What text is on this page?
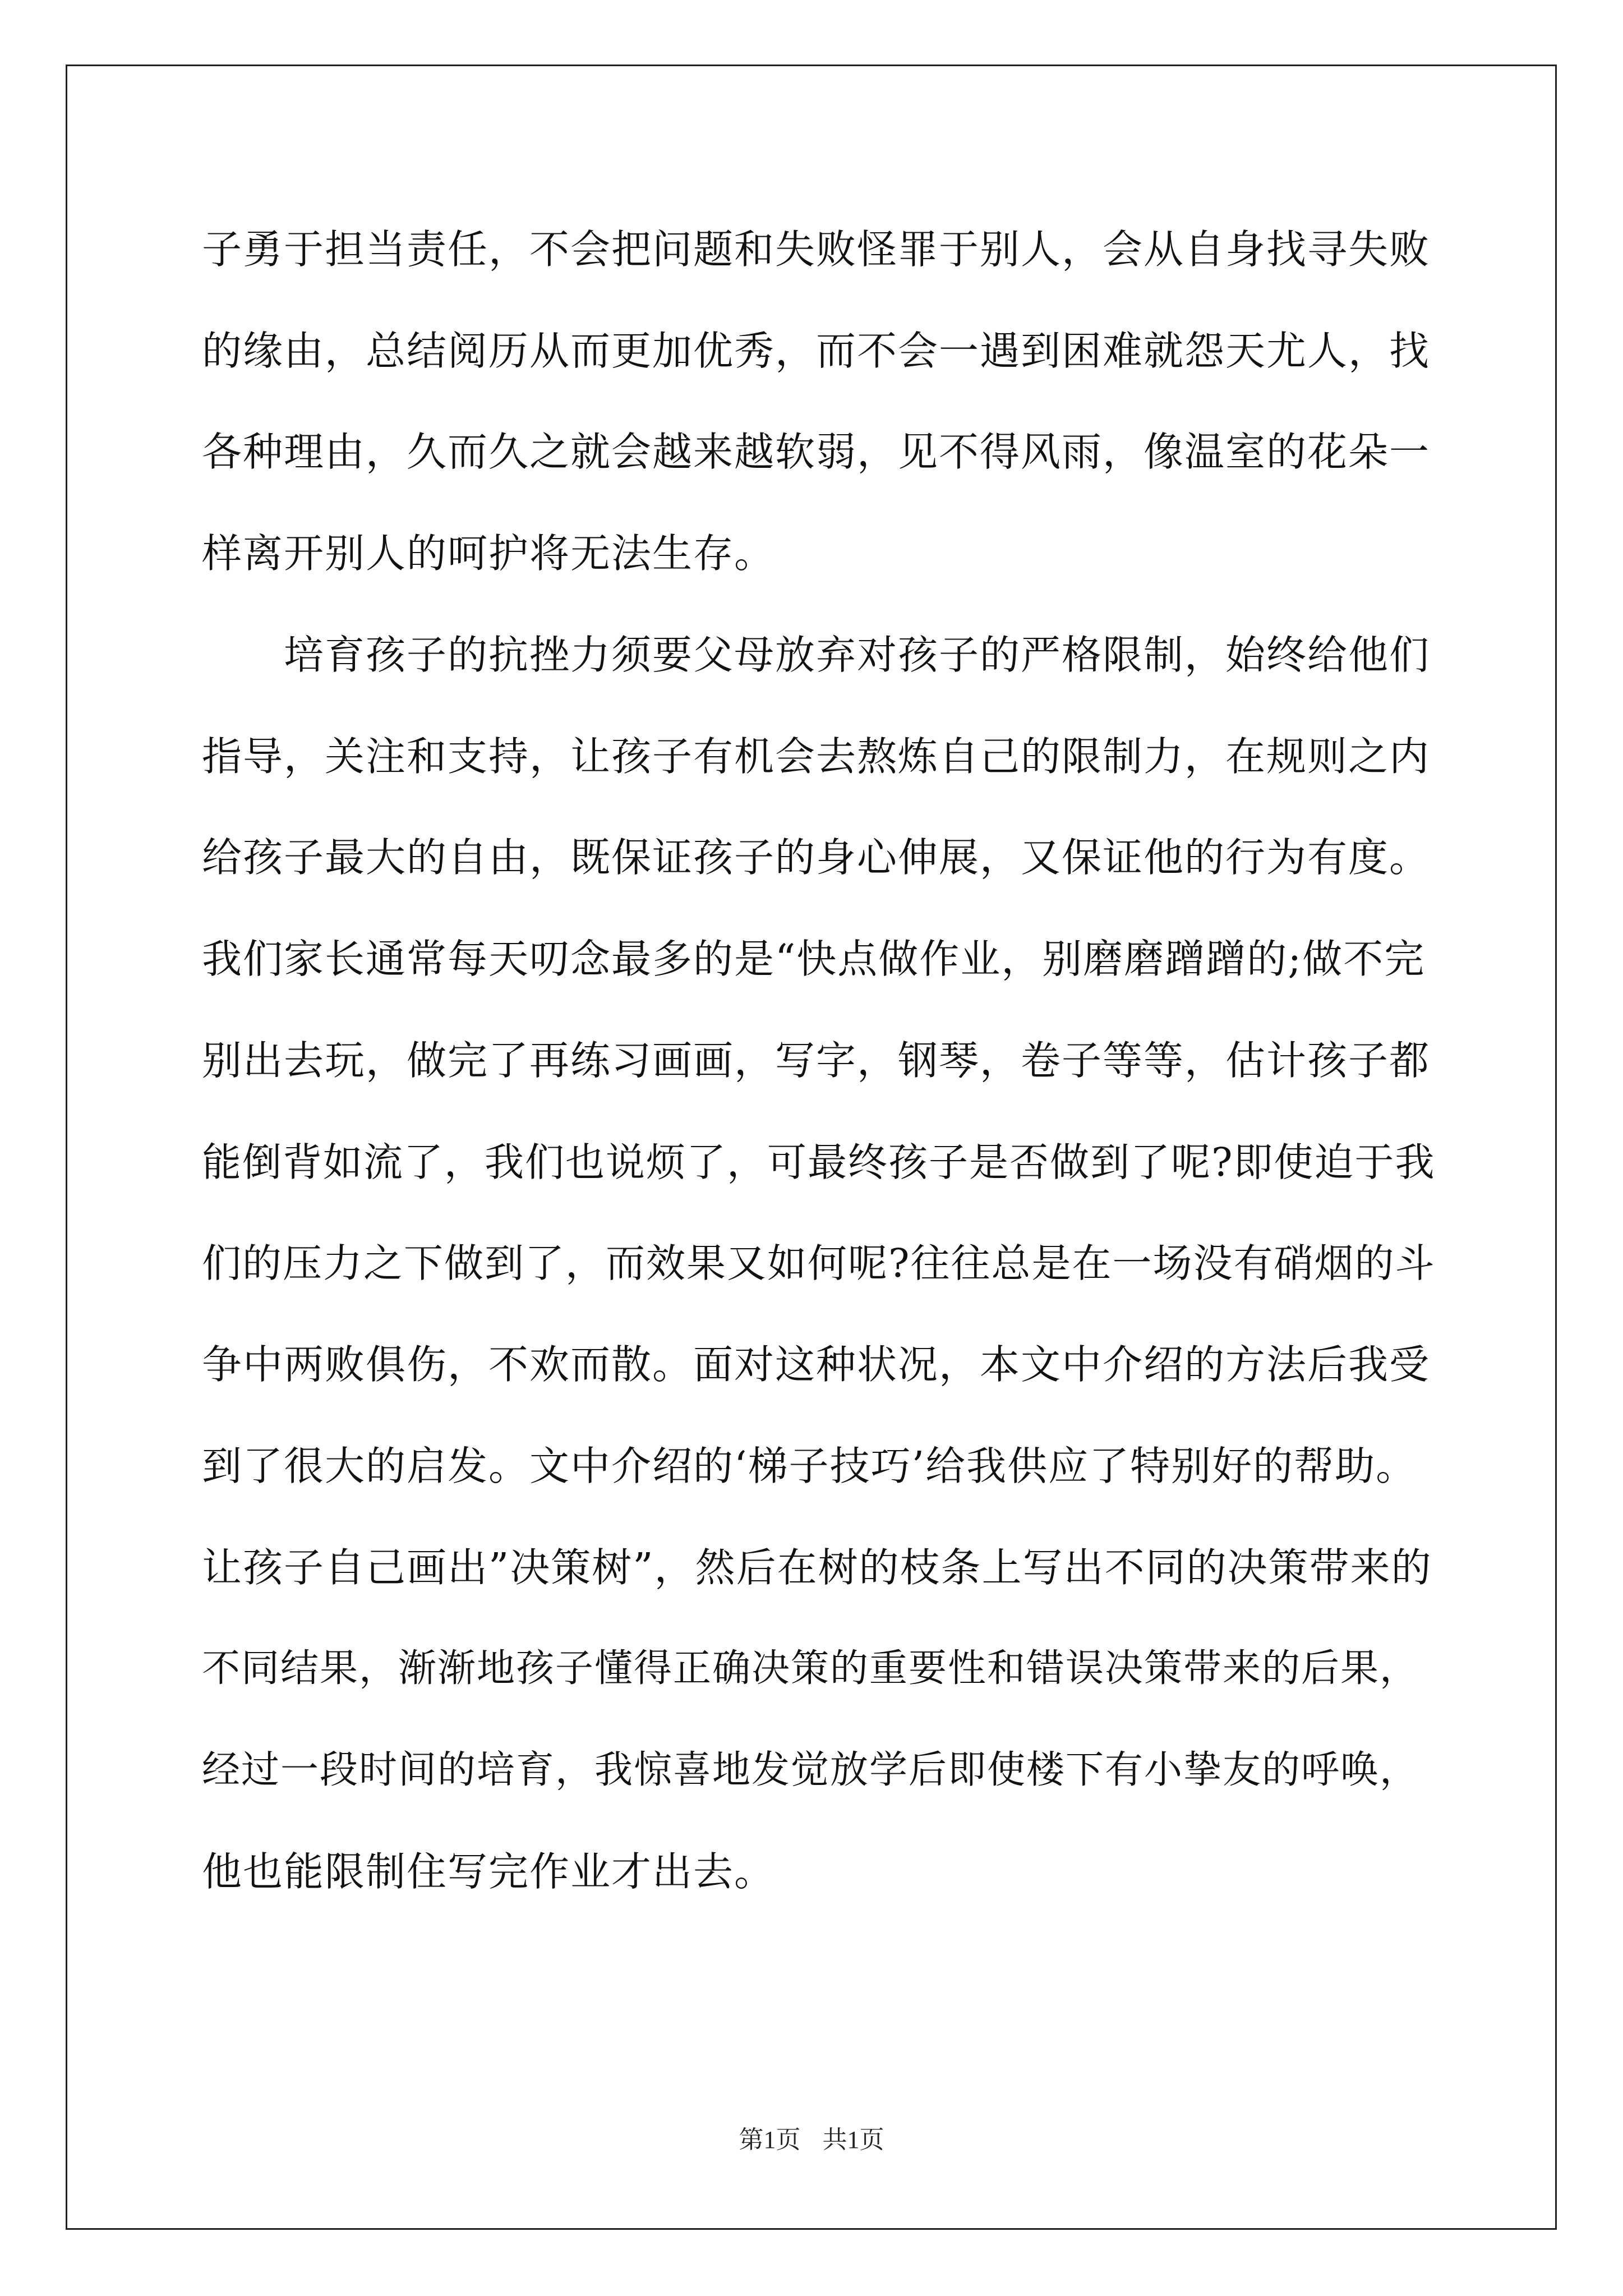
子勇于担当责任，不会把问题和失败怪罪于别人，会从自身找寻失败
的缘由，总结阅历从而更加优秀，而不会一遇到困难就怨天尤人，找
各种理由，久而久之就会越来越软弱，见不得风雨，像温室的花朵一
样离开别人的呵护将无法生存。
　　培育孩子的抗挫力须要父母放弃对孩子的严格限制，始终给他们
指导，关注和支持，让孩子有机会去熬炼自己的限制力，在规则之内
给孩子最大的自由，既保证孩子的身心伸展，又保证他的行为有度。
我们家长通常每天叨念最多的是“快点做作业，别磨磨蹭蹭的;做不完
别出去玩，做完了再练习画画，写字，钢琴，卷子等等，估计孩子都
能倒背如流了，我们也说烦了，可最终孩子是否做到了呢?即使迫于我
们的压力之下做到了，而效果又如何呢?往往总是在一场没有硝烟的斗
争中两败俱伤，不欢而散。面对这种状况，本文中介绍的方法后我受
到了很大的启发。文中介绍的‘梯子技巧’给我供应了特别好的帮助。
让孩子自己画出”决策树”，然后在树的枝条上写出不同的决策带来的
不同结果，渐渐地孩子懂得正确决策的重要性和错误决策带来的后果，
经过一段时间的培育，我惊喜地发觉放学后即使楼下有小挚友的呼唤，
他也能限制住写完作业才出去。
第1页 共1页
